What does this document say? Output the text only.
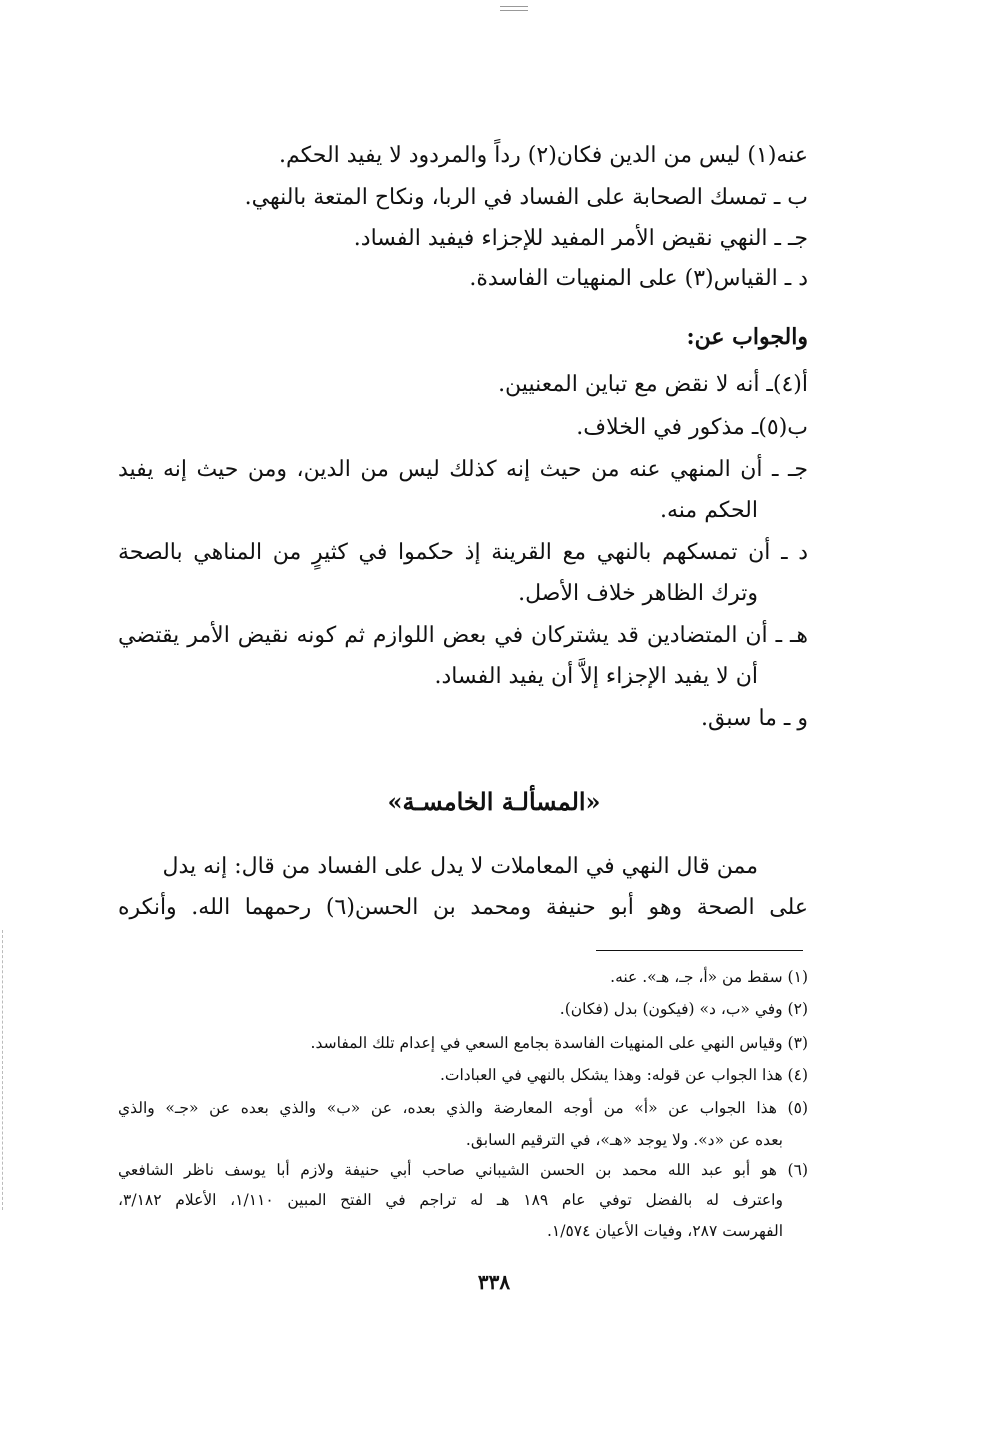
عنه(١) ليس من الدين فكان(٢) رداً والمردود لا يفيد الحكم.
ب ـ تمسك الصحابة على الفساد في الربا، ونكاح المتعة بالنهي.
جـ ـ النهي نقيض الأمر المفيد للإجزاء فيفيد الفساد.
د ـ القياس(٣) على المنهيات الفاسدة.
والجواب عن:
أ(٤)ـ أنه لا نقض مع تباين المعنيين.
ب(٥)ـ مذكور في الخلاف.
جـ ـ أن المنهي عنه من حيث إنه كذلك ليس من الدين، ومن حيث إنه يفيد
الحكم منه.
د ـ أن تمسكهم بالنهي مع القرينة إذ حكموا في كثيرٍ من المناهي بالصحة
وترك الظاهر خلاف الأصل.
هـ ـ أن المتضادين قد يشتركان في بعض اللوازم ثم كونه نقيض الأمر يقتضي
أن لا يفيد الإجزاء إلاَّ أن يفيد الفساد.
و ـ ما سبق.
«المسألـة الخامسـة»
ممن قال النهي في المعاملات لا يدل على الفساد من قال: إنه يدل
على الصحة وهو أبو حنيفة ومحمد بن الحسن(٦) رحمهما الله. وأنكره
(١) سقط من «أ، جـ، هـ». عنه.
(٢) وفي «ب، د» (فيكون) بدل (فكان).
(٣) وقياس النهي على المنهيات الفاسدة بجامع السعي في إعدام تلك المفاسد.
(٤) هذا الجواب عن قوله: وهذا يشكل بالنهي في العبادات.
(٥) هذا الجواب عن «أ» من أوجه المعارضة والذي بعده، عن «ب» والذي بعده عن «جـ» والذي
بعده عن «د». ولا يوجد «هـ»، في الترقيم السابق.
(٦) هو أبو عبد الله محمد بن الحسن الشيباني صاحب أبي حنيفة ولازم أبا يوسف ناظر الشافعي
واعترف له بالفضل توفي عام ١٨٩ هـ له تراجم في الفتح المبين ١/١١٠، الأعلام ٣/١٨٢،
الفهرست ٢٨٧، وفيات الأعيان ١/٥٧٤.
٣٣٨
